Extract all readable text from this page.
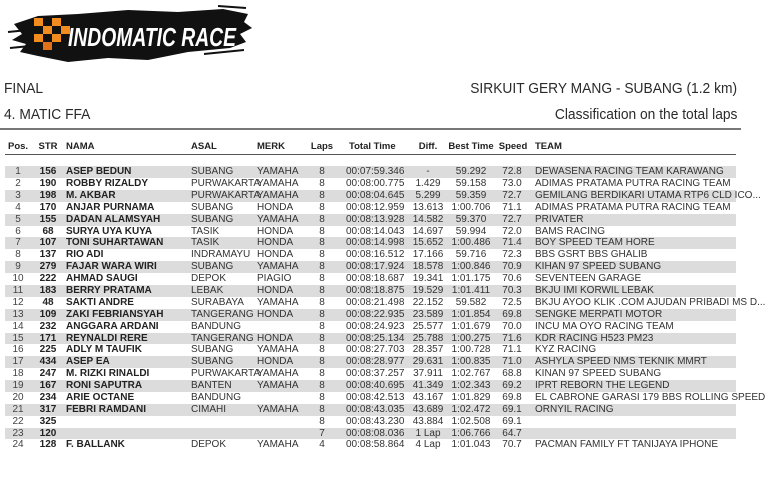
INDOMATIC RACE
FINAL
4. MATIC FFA
SIRKUIT GERY MANG - SUBANG (1.2 km)
Classification on the total laps
Pos.	STR NAMA	ASAL	MERK	Laps Total Time	Diff.	Best Time Speed TEAM
1	156 ASEP BEDUN	SUBANG YAMAHA	8	00:07:59.346	-	59.292	72.8	DEWASENA RACING TEAM KARAWANG
2	190 ROBBY RIZALDY	PURWAKARTA
YAMAHA	8	00:08:00.775	1.429	59.158	73.0	ADIMAS PRATAMA PUTRA RACING TEAM
3	198 M. AKBAR	PURWAKARTA
YAMAHA	8	00:08:04.645	5.299	59.359	72.7	GEMILANG BERDIKARI UTAMA RTP6 CLD ICO...
4	170 ANJAR PURNAMA	SUBANG HONDA	8	00:08:12.959 13.613 1:00.706	71.1	ADIMAS PRATAMA PUTRA RACING TEAM
5	155 DADAN ALAMSYAH	SUBANG YAMAHA	8	00:08:13.928 14.582	59.370	72.7	PRIVATER
6	68	SURYA UYA KUYA	TASIK	HONDA	8	00:08:14.043 14.697	59.994	72.0	BAMS RACING
7	107 TONI SUHARTAWAN	TASIK	HONDA	8	00:08:14.998 15.652 1:00.486	71.4	BOY SPEED TEAM HORE
8	137 RIO ADI	INDRAMAYU HONDA	8	00:08:16.512 17.166	59.716	72.3	BBS GSRT BBS GHALIB
9	279 FAJAR WARA WIRI	SUBANG YAMAHA	8	00:08:17.924 18.578 1:00.846	70.9	KIHAN 97 SPEED SUBANG
10	222 AHMAD SAUGI	DEPOK	PIAGIO	8	00:08:18.687 19.341 1:01.175	70.6	SEVENTEEN GARAGE
11	183 BERRY PRATAMA	LEBAK	HONDA	8	00:08:18.875 19.529 1:01.411	70.3	BKJU IMI KORWIL LEBAK
12	48	SAKTI ANDRE	SURABAYA YAMAHA	8	00:08:21.498 22.152	59.582	72.5	BKJU AYOO KLIK .COM AJUDAN PRIBADI MS D...
13	109 ZAKI FEBRIANSYAH	TANGERANG HONDA	8	00:08:22.935 23.589 1:01.854	69.8	SENGKE MERPATI MOTOR
14	232 ANGGARA ARDANI	BANDUNG	8	00:08:24.923 25.577 1:01.679	70.0	INCU MA OYO RACING TEAM
15	171 REYNALDI RERE	TANGERANG HONDA	8	00:08:25.134 25.788 1:00.275	71.6	KDR RACING H523 PM23
16	225 ADLY M TAUFIK	SUBANG YAMAHA	8	00:08:27.703 28.357 1:00.728	71.1	KYZ RACING
17	434 ASEP EA	SUBANG HONDA	8	00:08:28.977 29.631 1:00.835	71.0	ASHYLA SPEED NMS TEKNIK MMRT
18	247 M. RIZKI RINALDI	PURWAKARTA
YAMAHA	8	00:08:37.257 37.911 1:02.767	68.8	KINAN 97 SPEED SUBANG
19	167 RONI SAPUTRA	BANTEN	YAMAHA	8	00:08:40.695 41.349 1:02.343	69.2	IPRT REBORN THE LEGEND
20	234 ARIE OCTANE	BANDUNG	8	00:08:42.513 43.167 1:01.829	69.8	EL CABRONE GARASI 179 BBS ROLLING SPEED
21	317 FEBRI RAMDANI	CIMAHI	YAMAHA	8	00:08:43.035 43.689 1:02.472	69.1	ORNYIL RACING
22	325	8	00:08:43.230 43.884 1:02.508	69.1
23	120	7	00:08:08.036	1 Lap	1:06.766	64.7
24	128 F. BALLANK	DEPOK	YAMAHA	4	00:08:58.864	4 Lap	1:01.043	70.7	PACMAN FAMILY FT TANIJAYA IPHONE
